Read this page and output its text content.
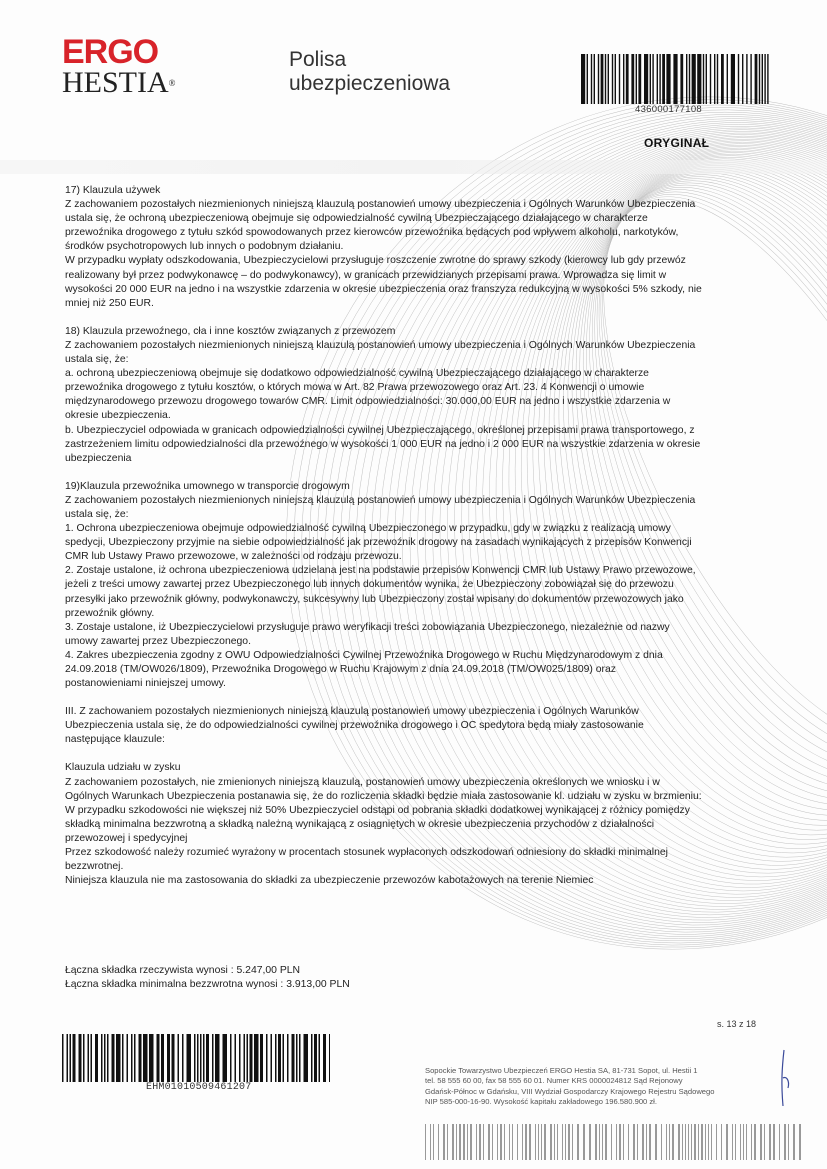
ERGO
HESTIA®
Polisa
ubezpieczeniowa
436000177108
ORYGINAŁ
17) Klauzula używek
Z zachowaniem pozostałych niezmienionych niniejszą klauzulą postanowień umowy ubezpieczenia i Ogólnych Warunków Ubezpieczenia
ustala się, że ochroną ubezpieczeniową obejmuje się odpowiedzialność cywilną Ubezpieczającego działającego w charakterze
przewoźnika drogowego z tytułu szkód spowodowanych przez kierowców przewoźnika będących pod wpływem alkoholu, narkotyków,
środków psychotropowych lub innych o podobnym działaniu.
W przypadku wypłaty odszkodowania, Ubezpieczycielowi przysługuje roszczenie zwrotne do sprawy szkody (kierowcy lub gdy przewóz
realizowany był przez podwykonawcę – do podwykonawcy), w granicach przewidzianych przepisami prawa. Wprowadza się limit w
wysokości 20 000 EUR na jedno i na wszystkie zdarzenia w okresie ubezpieczenia oraz franszyza redukcyjną w wysokości 5% szkody, nie
mniej niż 250 EUR.
18) Klauzula przewoźnego, cła i inne kosztów związanych z przewozem
Z zachowaniem pozostałych niezmienionych niniejszą klauzulą postanowień umowy ubezpieczenia i Ogólnych Warunków Ubezpieczenia
ustala się, że:
a. ochroną ubezpieczeniową obejmuje się dodatkowo odpowiedzialność cywilną Ubezpieczającego działającego w charakterze
przewoźnika drogowego z tytułu kosztów, o których mowa w Art. 82 Prawa przewozowego oraz Art. 23. 4 Konwencji o umowie
międzynarodowego przewozu drogowego towarów CMR. Limit odpowiedzialności: 30.000,00 EUR na jedno i wszystkie zdarzenia w
okresie ubezpieczenia.
b. Ubezpieczyciel odpowiada w granicach odpowiedzialności cywilnej Ubezpieczającego, określonej przepisami prawa transportowego, z
zastrzeżeniem limitu odpowiedzialności dla przewoźnego w wysokości 1 000 EUR na jedno i 2 000 EUR na wszystkie zdarzenia w okresie
ubezpieczenia
19)Klauzula przewoźnika umownego w transporcie drogowym
Z zachowaniem pozostałych niezmienionych niniejszą klauzulą postanowień umowy ubezpieczenia i Ogólnych Warunków Ubezpieczenia
ustala się, że:
1. Ochrona ubezpieczeniowa obejmuje odpowiedzialność cywilną Ubezpieczonego w przypadku, gdy w związku z realizacją umowy
spedycji, Ubezpieczony przyjmie na siebie odpowiedzialność jak przewoźnik drogowy na zasadach wynikających z przepisów Konwencji
CMR lub Ustawy Prawo przewozowe, w zależności od rodzaju przewozu.
2. Zostaje ustalone, iż ochrona ubezpieczeniowa udzielana jest na podstawie przepisów Konwencji CMR lub Ustawy Prawo przewozowe,
jeżeli z treści umowy zawartej przez Ubezpieczonego lub innych dokumentów wynika, że Ubezpieczony zobowiązał się do przewozu
przesyłki jako przewoźnik główny, podwykonawczy, sukcesywny lub Ubezpieczony został wpisany do dokumentów przewozowych jako
przewoźnik główny.
3. Zostaje ustalone, iż Ubezpieczycielowi przysługuje prawo weryfikacji treści zobowiązania Ubezpieczonego, niezależnie od nazwy
umowy zawartej przez Ubezpieczonego.
4. Zakres ubezpieczenia zgodny z OWU Odpowiedzialności Cywilnej Przewoźnika Drogowego w Ruchu Międzynarodowym z dnia
24.09.2018 (TM/OW026/1809), Przewoźnika Drogowego w Ruchu Krajowym z dnia 24.09.2018 (TM/OW025/1809) oraz
postanowieniami niniejszej umowy.
III. Z zachowaniem pozostałych niezmienionych niniejszą klauzulą postanowień umowy ubezpieczenia i Ogólnych Warunków
Ubezpieczenia ustala się, że do odpowiedzialności cywilnej przewoźnika drogowego i OC spedytora będą miały zastosowanie
następujące klauzule:
Klauzula udziału w zysku
Z zachowaniem pozostałych, nie zmienionych niniejszą klauzulą, postanowień umowy ubezpieczenia określonych we wniosku i w
Ogólnych Warunkach Ubezpieczenia postanawia się, że do rozliczenia składki będzie miała zastosowanie kl. udziału w zysku w brzmieniu:
W przypadku szkodowości nie większej niż 50% Ubezpieczyciel odstąpi od pobrania składki dodatkowej wynikającej z różnicy pomiędzy
składką minimalna bezzwrotną a składką należną wynikającą z osiągniętych w okresie ubezpieczenia przychodów z działalności
przewozowej i spedycyjnej
Przez szkodowość należy rozumieć wyrażony w procentach stosunek wypłaconych odszkodowań odniesiony do składki minimalnej
bezzwrotnej.
Niniejsza klauzula nie ma zastosowania do składki za ubezpieczenie przewozów kabotażowych na terenie Niemiec
Łączna składka rzeczywista wynosi : 5.247,00 PLN
Łączna składka minimalna bezzwrotna wynosi : 3.913,00 PLN
s. 13 z 18
EHM01010509461207
Sopockie Towarzystwo Ubezpieczeń ERGO Hestia SA, 81-731 Sopot, ul. Hestii 1
tel. 58 555 60 00, fax 58 555 60 01. Numer KRS 0000024812 Sąd Rejonowy
Gdańsk-Północ w Gdańsku, VIII Wydział Gospodarczy Krajowego Rejestru Sądowego
NIP 585-000-16-90. Wysokość kapitału zakładowego 196.580.900 zł.
